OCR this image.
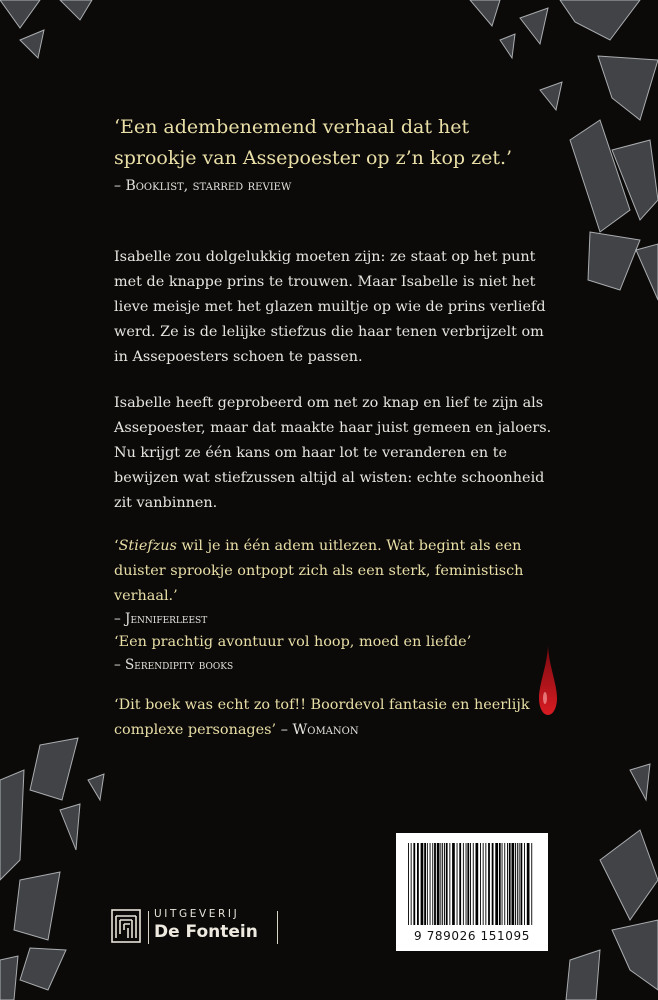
‘Een adembenemend verhaal dat het sprookje van Assepoester op z’n kop zet.’
– Booklist, starred review
Isabelle zou dolgelukkig moeten zijn: ze staat op het punt met de knappe prins te trouwen. Maar Isabelle is niet het lieve meisje met het glazen muiltje op wie de prins verliefd werd. Ze is de lelijke stiefzus die haar tenen verbrijzelt om in Assepoesters schoen te passen.
Isabelle heeft geprobeerd om net zo knap en lief te zijn als Assepoester, maar dat maakte haar juist gemeen en jaloers. Nu krijgt ze één kans om haar lot te veranderen en te bewijzen wat stiefzussen altijd al wisten: echte schoonheid zit vanbinnen.
‘Stiefzus wil je in één adem uitlezen. Wat begint als een duister sprookje ontpopt zich als een sterk, feministisch verhaal.’
– Jenniferleest
‘Een prachtig avontuur vol hoop, moed en liefde’
– Serendipity books
‘Dit boek was echt zo tof!! Boordevol fantasie en heerlijk complexe personages’ – Womanon
9 789026 151095
UITGEVERIJ
De Fontein
